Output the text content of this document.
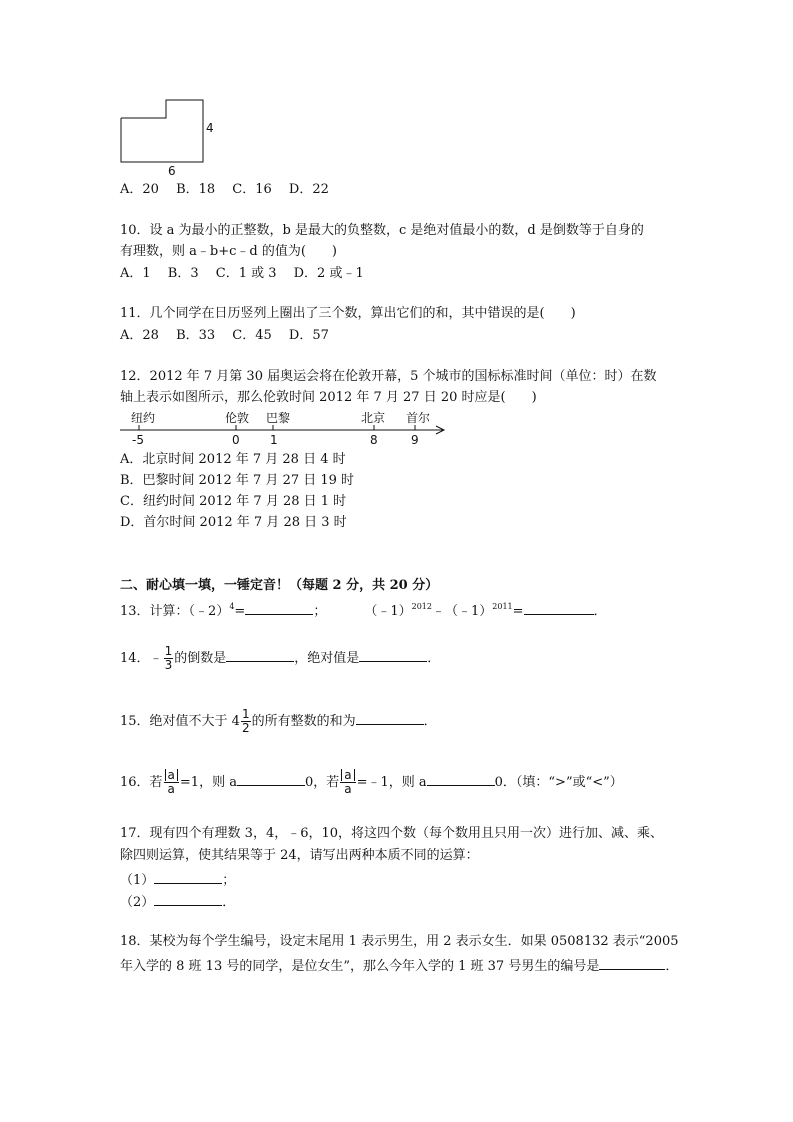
4
6
A．20　 B．18　 C．16　 D．22
10．设 a 为最小的正整数，b 是最大的负整数，c 是绝对值最小的数，d 是倒数等于自身的
有理数，则 a﹣b+c﹣d 的值为(　　)
A．1　 B．3　 C．1 或 3　 D．2 或﹣1
11．几个同学在日历竖列上圈出了三个数，算出它们的和，其中错误的是(　　)
A．28　 B．33　 C．45　 D．57
12．2012 年 7 月第 30 届奥运会将在伦敦开幕，5 个城市的国标标准时间（单位：时）在数
轴上表示如图所示，那么伦敦时间 2012 年 7 月 27 日 20 时应是(　　)
纽约	伦敦 巴黎	北京 首尔
-5	0	1	8	9
A．北京时间 2012 年 7 月 28 日 4 时
B．巴黎时间 2012 年 7 月 27 日 19 时
C．纽约时间 2012 年 7 月 28 日 1 时
D．首尔时间 2012 年 7 月 28 日 3 时
二、耐心填一填，一锤定音！（每题 2 分，共 20 分）
13．计算：（﹣2）$^4$=	；	（﹣1）$^{2012}$﹣（﹣1）$^{2011}$=	．
14．﹣ $\frac{1}{3}$ 的倒数是	，绝对值是	．
15．绝对值不大于 $4 \frac{1}{2}$ 的所有整数的和为	．
16．若 $\frac{a}{a} =1$，则 a	0，若 $\frac{a}{a}$ =﹣1，则 a	0．（填：“>”或“<”）
17．现有四个有理数 3，4，﹣6，10，将这四个数（每个数用且只用一次）进行加、减、乘、
除四则运算，使其结果等于 24，请写出两种本质不同的运算：
（1）	；
（2）	．
18．某校为每个学生编号，设定末尾用 1 表示男生，用 2 表示女生．如果 0508132 表示“2005
年入学的 8 班 13 号的同学，是位女生”，那么今年入学的 1 班 37 号男生的编号是	．
